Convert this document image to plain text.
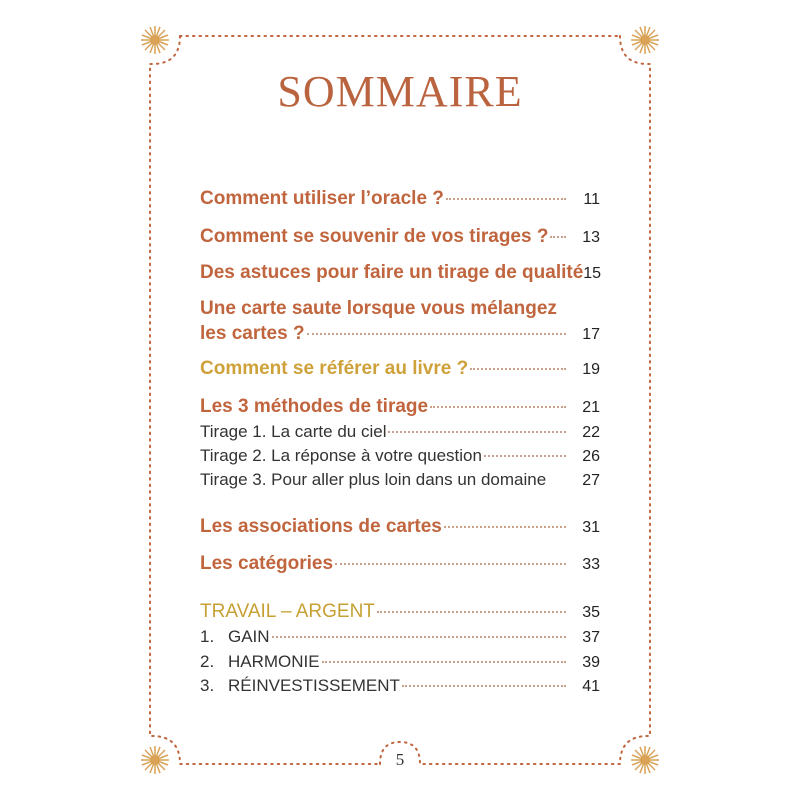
SOMMAIRE
Comment utiliser l’oracle ?	11
Comment se souvenir de vos tirages ?	13
Des astuces pour faire un tirage de qualité 15
Une carte saute lorsque vous mélangez
les cartes ?	17
Comment se référer au livre ?	19
Les 3 méthodes de tirage	21
Tirage 1. La carte du ciel	22
Tirage 2. La réponse à votre question	26
Tirage 3. Pour aller plus loin dans un domaine	27
Les associations de cartes	31
Les catégories	33
TRAVAIL – ARGENT	35
1. GAIN	37
2. HARMONIE	39
3. RÉINVESTISSEMENT	41
5
